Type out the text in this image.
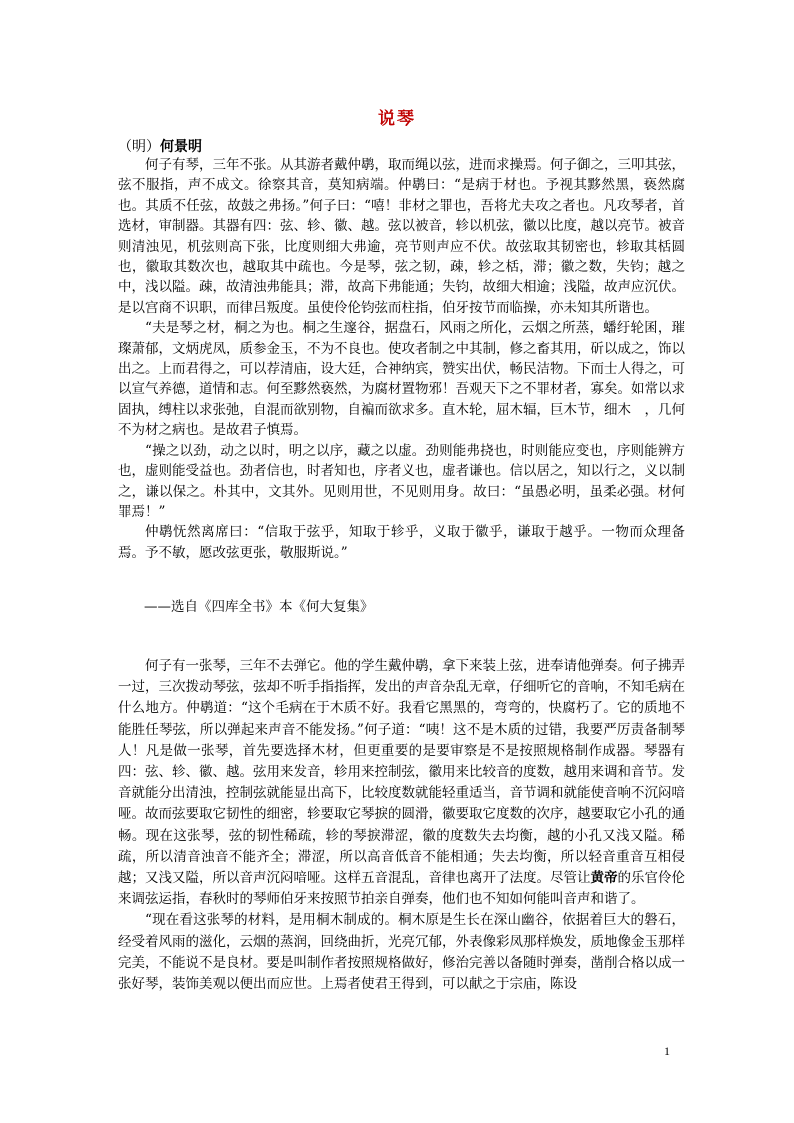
说琴
（明）何景明

何子有琴，三年不张。从其游者戴仲鹖，取而绳以弦，进而求操焉。何子御之，三叩其弦，弦不服指，声不成文。徐察其音，莫知病端。仲鹖曰：“是病于材也。予视其黟然黑，亵然腐也。其质不任弦，故鼓之弗扬。”何子曰：“嘻！非材之罪也，吾将尤夫攻之者也。凡攻琴者，首选材，审制器。其器有四：弦、轸、徽、越。弦以被音，轸以机弦，徽以比度，越以亮节。被音则清浊见，机弦则高下张，比度则细大弗逾，亮节则声应不伏。故弦取其韧密也，轸取其栝圆也，徽取其数次也，越取其中疏也。今是琴，弦之韧，疎，轸之栝，滞；徽之数，失钧；越之中，浅以隘。疎，故清浊弗能具；滞，故高下弗能通；失钧，故细大相逾；浅隘，故声应沉伏。是以宫商不识职，而律吕叛度。虽使伶伦钧弦而柱指，伯牙按节而临操，亦未知其所谐也。

“夫是琴之材，桐之为也。桐之生邃谷，据盘石，风雨之所化，云烟之所蒸，蟠纡轮囷，璀璨萧郁，文炳虎凤，质参金玉，不为不良也。使攻者制之中其制，修之畜其用，斫以成之，饰以出之。上而君得之，可以荐清庙，设大廷，合神纳宾，赞实出伏，畅民洁物。下而士人得之，可以宣气养德，道情和志。何至黟然亵然，为腐材置物邪！吾观天下之不罪材者，寡矣。如常以求固执，缚柱以求张弛，自混而欲别物，自褊而欲求多。直木轮，屈木辐，巨木节，细木　，几何不为材之病也。是故君子慎焉。

“操之以劲，动之以时，明之以序，藏之以虚。劲则能弗挠也，时则能应变也，序则能辨方也，虚则能受益也。劲者信也，时者知也，序者义也，虚者谦也。信以居之，知以行之，义以制之，谦以保之。朴其中，文其外。见则用世，不见则用身。故曰：“虽愚必明，虽柔必强。材何罪焉！”

仲鹖怃然离席曰：“信取于弦乎，知取于轸乎，义取于徽乎，谦取于越乎。一物而众理备焉。予不敏，愿改弦更张，敬服斯说。”

——选自《四库全书》本《何大复集》

何子有一张琴，三年不去弹它。他的学生戴仲鹖，拿下来装上弦，进奉请他弹奏。何子拂弄一过，三次拨动琴弦，弦却不听手指指挥，发出的声音杂乱无章，仔细听它的音响，不知毛病在什么地方。仲鹖道：“这个毛病在于木质不好。我看它黑黑的，弯弯的，快腐朽了。它的质地不能胜任琴弦，所以弹起来声音不能发扬。”何子道：“咦！这不是木质的过错，我要严厉责备制琴人！凡是做一张琴，首先要选择木材，但更重要的是要审察是不是按照规格制作成器。琴器有四：弦、轸、徽、越。弦用来发音，轸用来控制弦，徽用来比较音的度数，越用来调和音节。发音就能分出清浊，控制弦就能显出高下，比较度数就能轻重适当，音节调和就能使音响不沉闷喑哑。故而弦要取它韧性的细密，轸要取它琴捩的圆滑，徽要取它度数的次序，越要取它小孔的通畅。现在这张琴，弦的韧性稀疏，轸的琴捩滞涩，徽的度数失去均衡，越的小孔又浅又隘。稀疏，所以清音浊音不能齐全；滞涩，所以高音低音不能相通；失去均衡，所以轻音重音互相侵越；又浅又隘，所以音声沉闷喑哑。这样五音混乱，音律也离开了法度。尽管让黄帝的乐官伶伦来调弦运指，春秋时的琴师伯牙来按照节拍亲自弹奏，他们也不知如何能叫音声和谐了。

“现在看这张琴的材料，是用桐木制成的。桐木原是生长在深山幽谷，依据着巨大的磐石，经受着风雨的滋化，云烟的蒸润，回绕曲折，光亮冗郁，外表像彩凤那样焕发，质地像金玉那样完美，不能说不是良材。要是叫制作者按照规格做好，修治完善以备随时弹奏，凿削合格以成一张好琴，装饰美观以便出而应世。上焉者使君王得到，可以献之于宗庙，陈设

1
